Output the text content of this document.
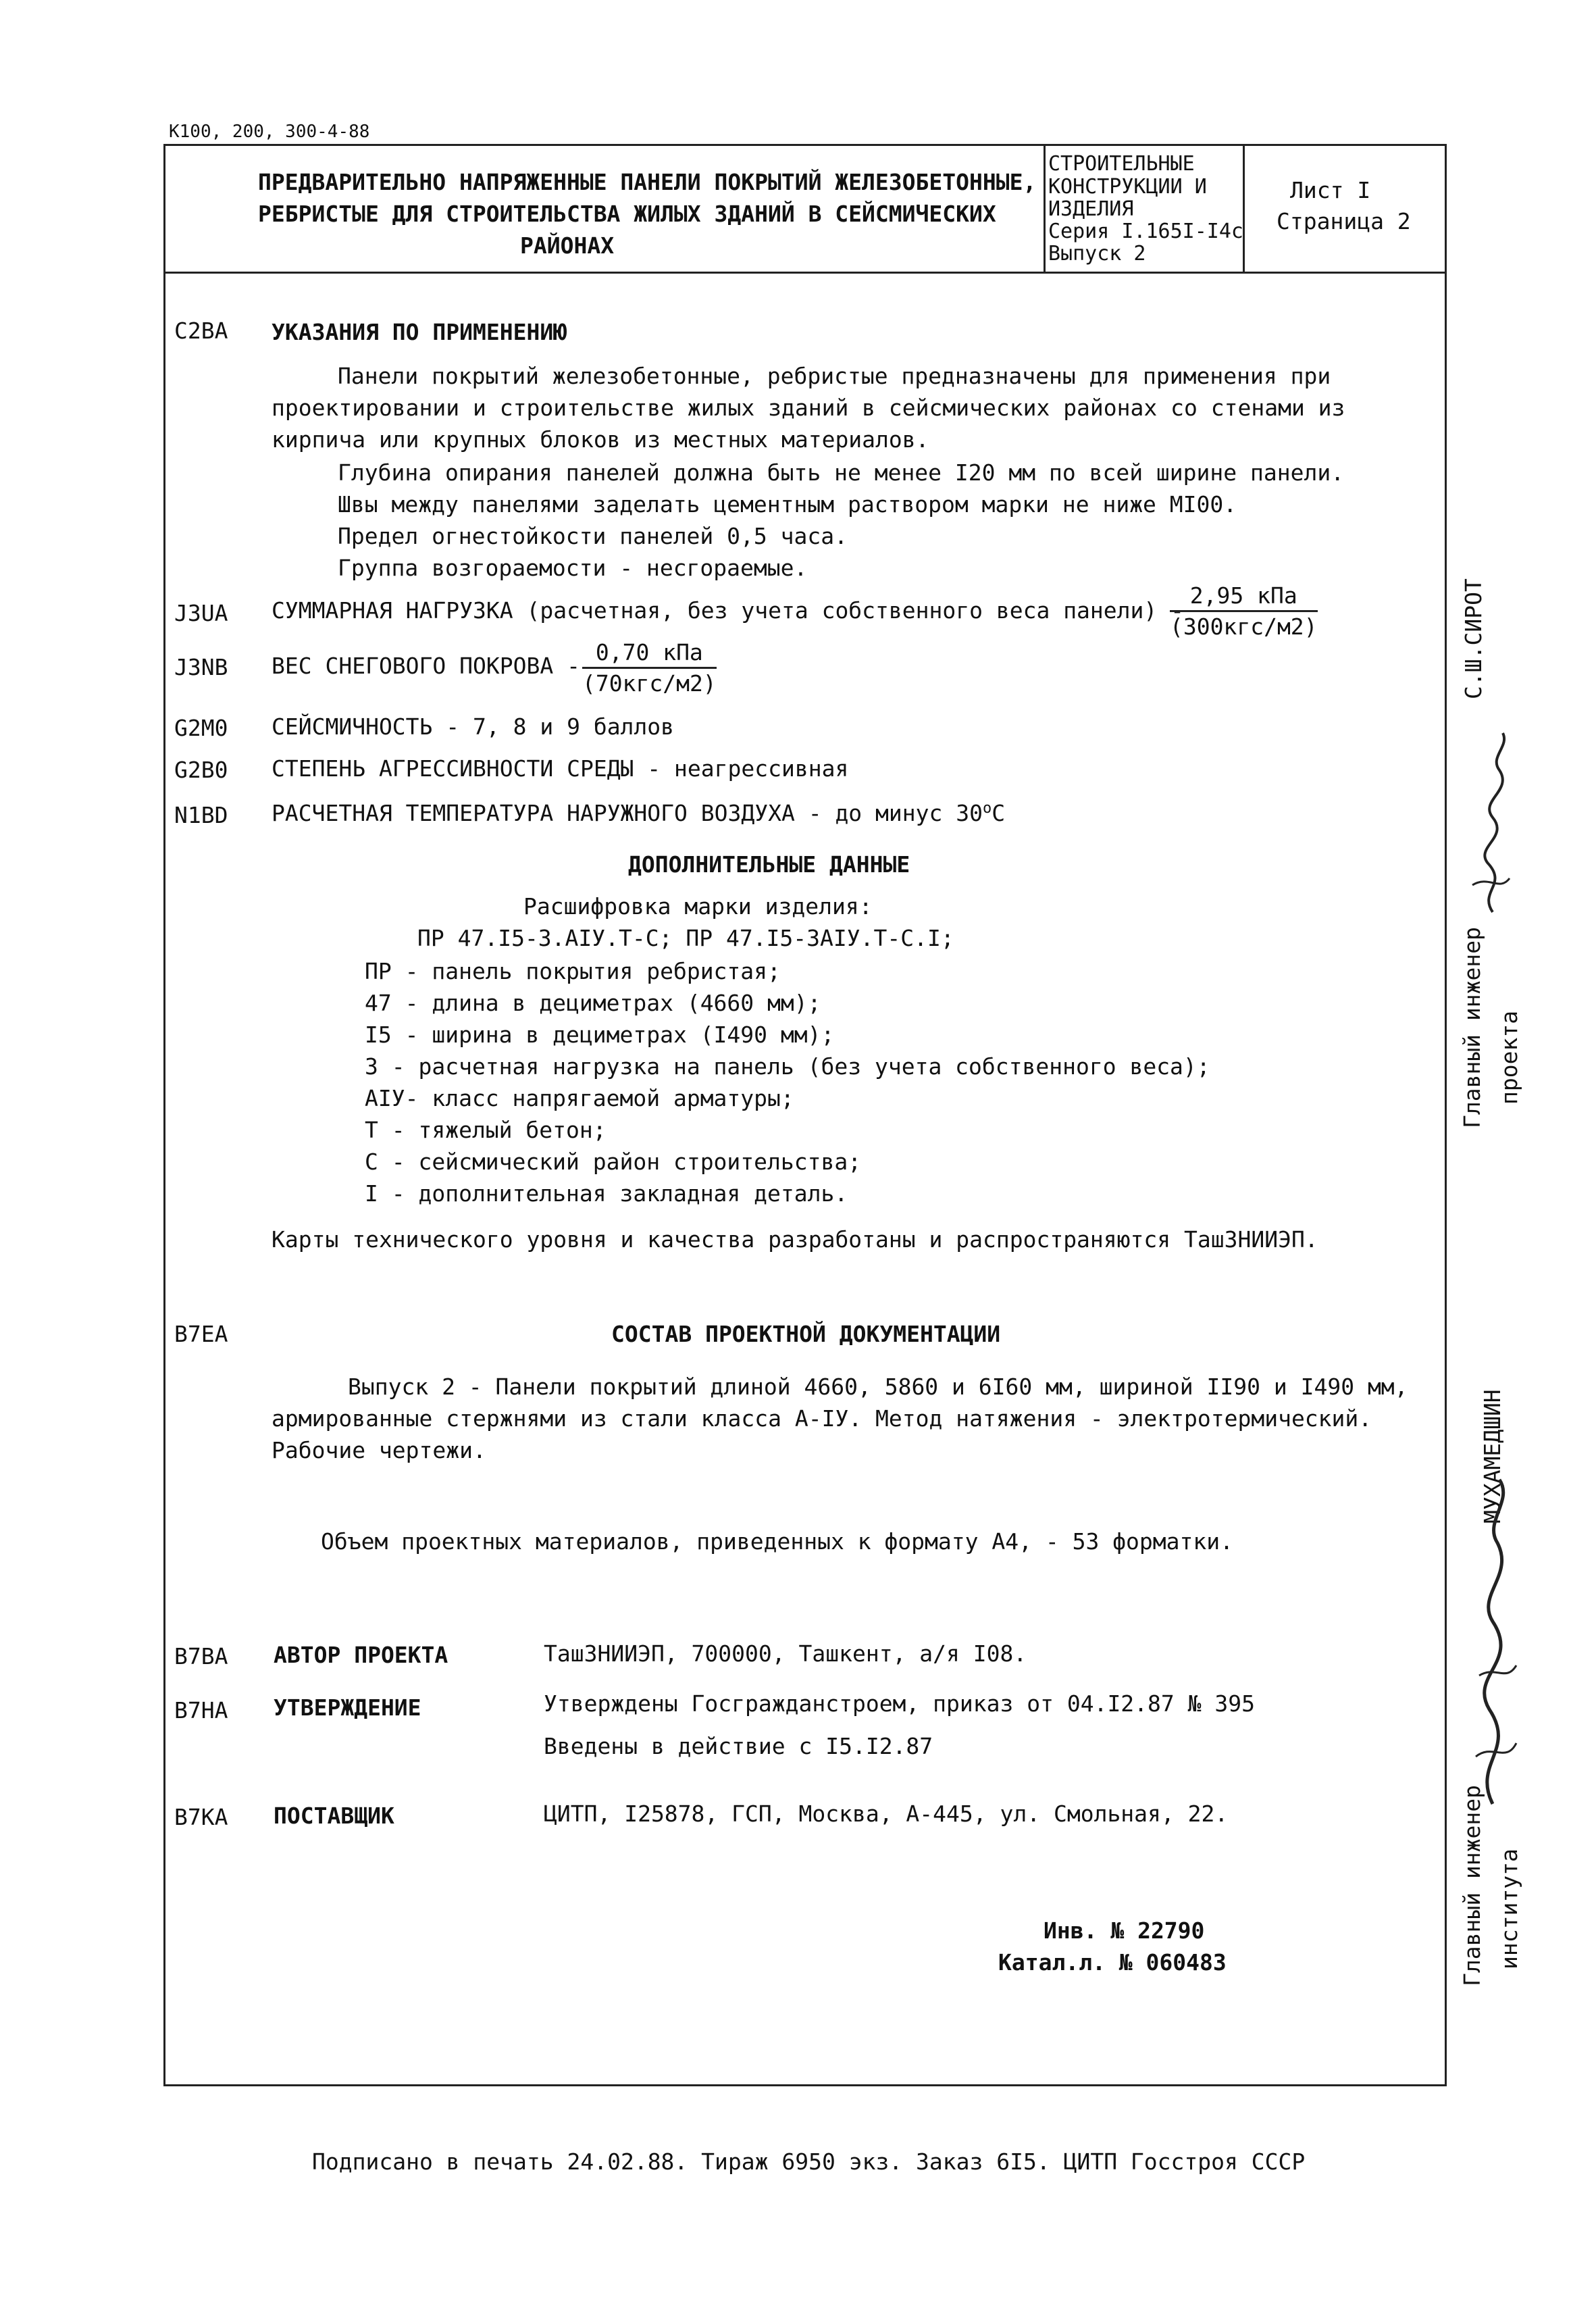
К100, 200, 300-4-88
ПРЕДВАРИТЕЛЬНО НАПРЯЖЕННЫЕ ПАНЕЛИ ПОКРЫТИЙ ЖЕЛЕЗОБЕТОННЫЕ,
РЕБРИСТЫЕ ДЛЯ СТРОИТЕЛЬСТВА ЖИЛЫХ ЗДАНИЙ В СЕЙСМИЧЕСКИХ
РАЙОНАХ
СТРОИТЕЛЬНЫЕ
КОНСТРУКЦИИ И
ИЗДЕЛИЯ
Серия I.165I-I4c
Выпуск 2
Лист I
Страница 2
C2BA УКАЗАНИЯ ПО ПРИМЕНЕНИЮ
Панели покрытий железобетонные, ребристые предназначены для применения при
проектировании и строительстве жилых зданий в сейсмических районах со стенами из
кирпича или крупных блоков из местных материалов.
Глубина опирания панелей должна быть не менее I20 мм по всей ширине панели.
Швы между панелями заделать цементным раствором марки не ниже MI00.
Предел огнестойкости панелей 0,5 часа.
Группа возгораемости - несгораемые.
J3UA СУММАРНАЯ НАГРУЗКА (расчетная, без учета собственного веса панели) -
2,95 кПа
(300кгс/м2)
J3NB ВЕС СНЕГОВОГО ПОКРОВА -
0,70 кПа
(70кгс/м2)
G2M0 СЕЙСМИЧНОСТЬ - 7, 8 и 9 баллов
G2B0 СТЕПЕНЬ АГРЕССИВНОСТИ СРЕДЫ - неагрессивная
N1BD РАСЧЕТНАЯ ТЕМПЕРАТУРА НАРУЖНОГО ВОЗДУХА - до минус 30$^o$C
ДОПОЛНИТЕЛЬНЫЕ ДАННЫЕ
Расшифровка марки изделия:
ПР 47.I5-3.AIУ.T-C; ПР 47.I5-3AIУ.T-C.I;
ПР - панель покрытия ребристая;
47 - длина в дециметрах (4660 мм);
I5 - ширина в дециметрах (I490 мм);
3 - расчетная нагрузка на панель (без учета собственного веса);
AIУ- класс напрягаемой арматуры;
Т - тяжелый бетон;
С - сейсмический район строительства;
I - дополнительная закладная деталь.
Карты технического уровня и качества разработаны и распространяются ТашЗНИИЭП.
B7EA	СОСТАВ ПРОЕКТНОЙ ДОКУМЕНТАЦИИ
Выпуск 2 - Панели покрытий длиной 4660, 5860 и 6I60 мм, шириной II90 и I490 мм,
армированные стержнями из стали класса A-IУ. Метод натяжения - электротермический.
Рабочие чертежи.
Объем проектных материалов, приведенных к формату А4, - 53 форматки.
B7BA АВТОР ПРОЕКТА	ТашЗНИИЭП, 700000, Ташкент, а/я I08.
B7HA УТВЕРЖДЕНИЕ	Утверждены Госгражданстроем, приказ от 04.I2.87 № 395
Введены в действие с I5.I2.87
B7KA ПОСТАВЩИК	ЦИТП, I25878, ГСП, Москва, А-445, ул. Смольная, 22.
Инв. № 22790
Катал.л. № 060483
С.Ш.СИРОТ
Главный инженер проекта
МУХАМЕДШИН
Главный инженер института
Подписано в печать 24.02.88. Тираж 6950 экз. Заказ 6I5. ЦИТП Госстроя СССР
